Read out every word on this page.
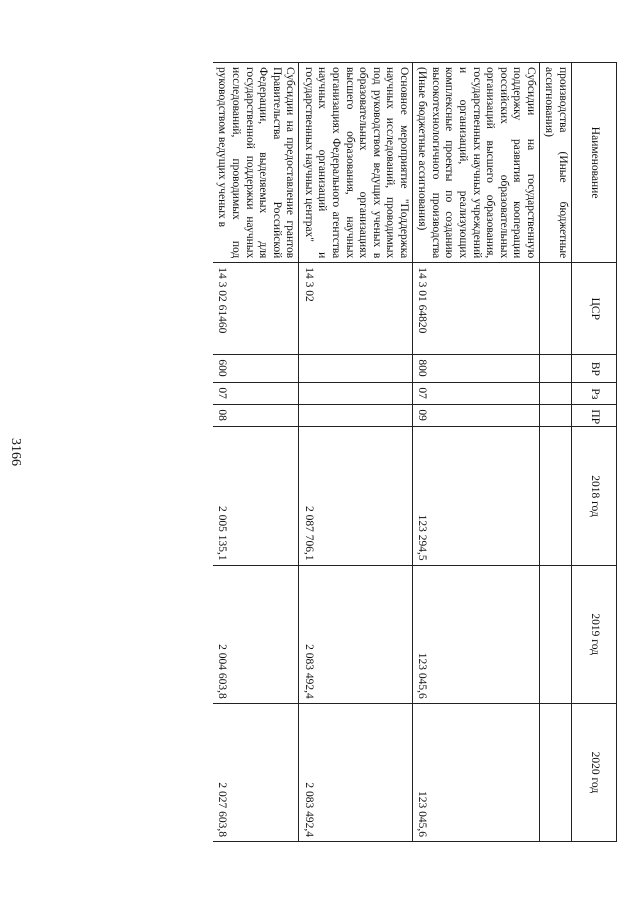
3166
Наименование	ЦСР	ВР	Рз	ПР	2018 год	2019 год	2020 год
производства (Иные бюджетные ассигнования)							
Субсидии на государственную поддержку развития кооперации российских образовательных организаций высшего образования, государственных научных учреждений и организаций, реализующих комплексные проекты по созданию высокотехнологичного производства (Иные бюджетные ассигнования)	14 3 01 64820	800	07	09	123 294,5	123 045,6	123 045,6
Основное мероприятие "Поддержка научных исследований, проводимых под руководством ведущих ученых в образовательных организациях высшего образования, научных организациях Федерального агентства научных организаций и государственных научных центрах"	14 3 02				2 087 706,1	2 083 492,4	2 083 492,4
Субсидии на предоставление грантов Правительства Российской Федерации, выделяемых для государственной поддержки научных исследований, проводимых под руководством ведущих ученых в	14 3 02 61460	600	07	08	2 005 135,1	2 004 603,8	2 027 603,8
